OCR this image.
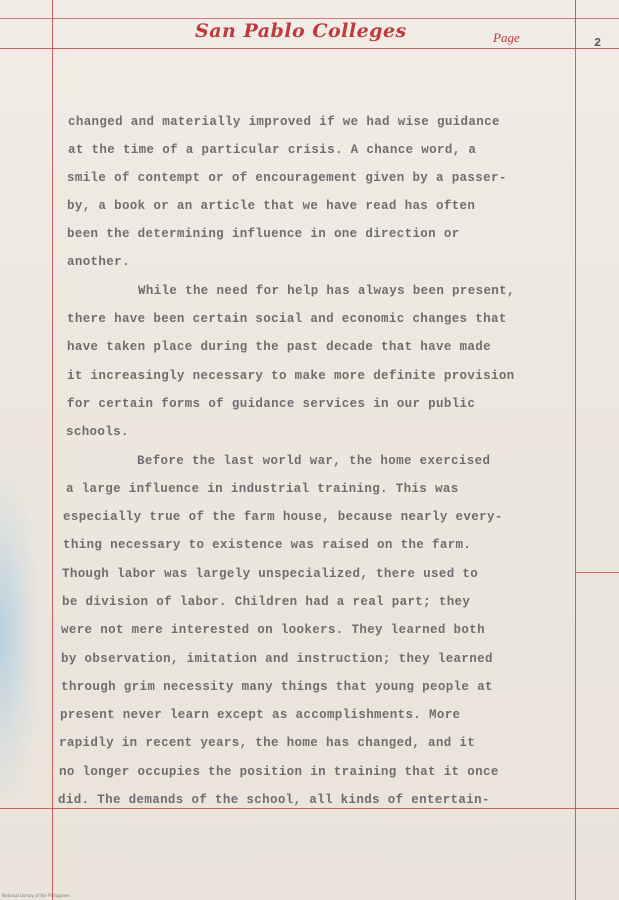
San Pablo Colleges	Page	2
changed and materially improved if we had wise guidance
at the time of a particular crisis. A chance word, a
smile of contempt or of encouragement given by a passer-
by, a book or an article that we have read has often
been the determining influence in one direction or
another.
While the need for help has always been present,
there have been certain social and economic changes that
have taken place during the past decade that have made
it increasingly necessary to make more definite provision
for certain forms of guidance services in our public
schools.
Before the last world war, the home exercised
a large influence in industrial training. This was
especially true of the farm house, because nearly every-
thing necessary to existence was raised on the farm.
Though labor was largely unspecialized, there used to
be division of labor. Children had a real part; they
were not mere interested on lookers. They learned both
by observation, imitation and instruction; they learned
through grim necessity many things that young people at
present never learn except as accomplishments. More
rapidly in recent years, the home has changed, and it
no longer occupies the position in training that it once
did. The demands of the school, all kinds of entertain-
National Library of the Philippines
